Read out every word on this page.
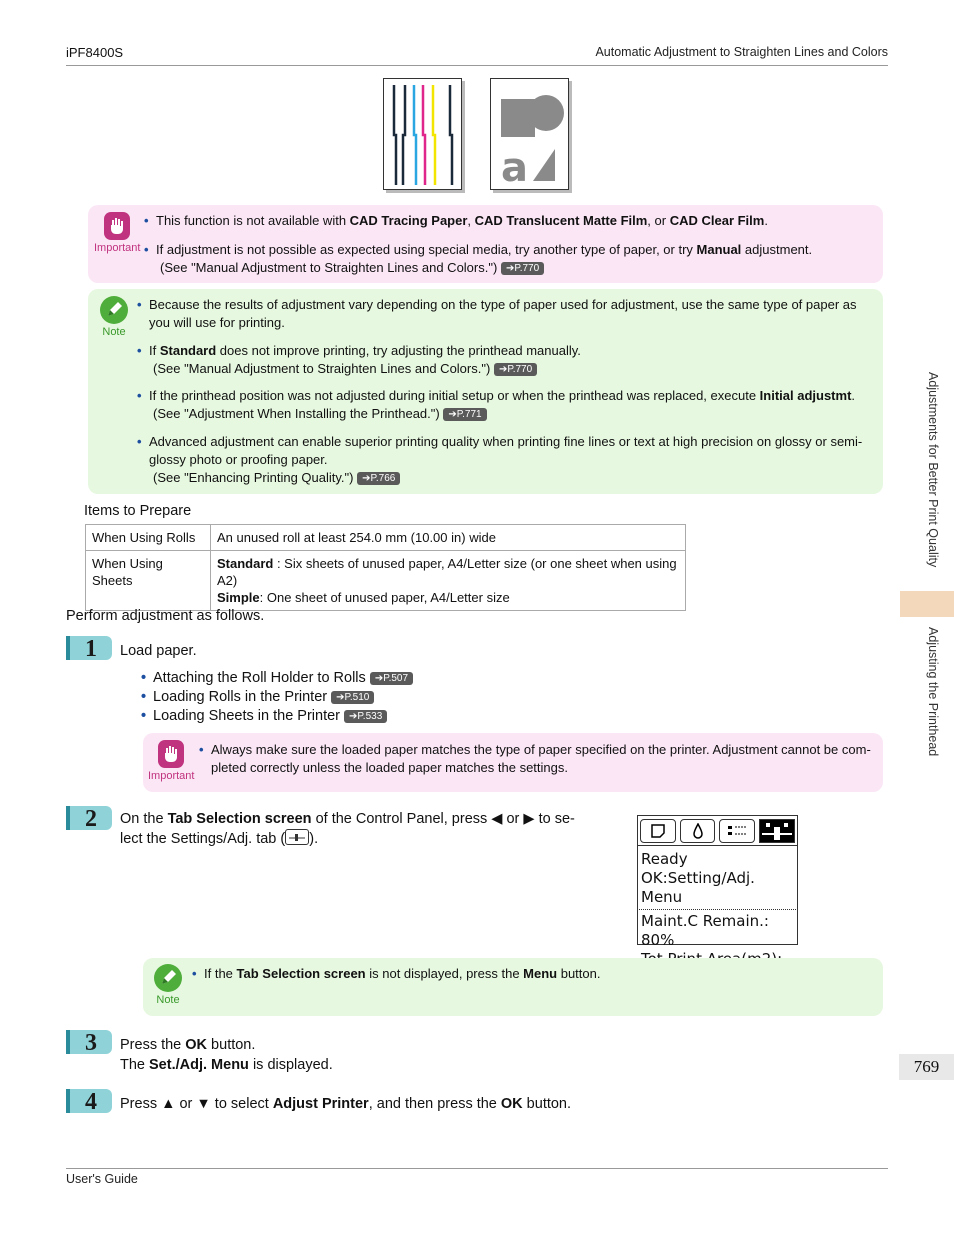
iPF8400S	Automatic Adjustment to Straighten Lines and Colors
a
Important
• This function is not available with CAD Tracing Paper, CAD Translucent Matte Film, or CAD Clear Film.
• If adjustment is not possible as expected using special media, try another type of paper, or try Manual adjustment.
(See "Manual Adjustment to Straighten Lines and Colors.") ➔P.770
Note
• Because the results of adjustment vary depending on the type of paper used for adjustment, use the same type of paper as you will use for printing.
• If Standard does not improve printing, try adjusting the printhead manually.
(See "Manual Adjustment to Straighten Lines and Colors.") ➔P.770
• If the printhead position was not adjusted during initial setup or when the printhead was replaced, execute Initial adjustmt.
(See "Adjustment When Installing the Printhead.") ➔P.771
• Advanced adjustment can enable superior printing quality when printing fine lines or text at high precision on glossy or semi-
glossy photo or proofing paper.
(See "Enhancing Printing Quality.") ➔P.766
Items to Prepare
When Using Rolls	An unused roll at least 254.0 mm (10.00 in) wide
When Using Sheets	Standard : Six sheets of unused paper, A4/Letter size (or one sheet when using A2)
Simple: One sheet of unused paper, A4/Letter size
Perform adjustment as follows.
1	Load paper.
• Attaching the Roll Holder to Rolls ➔P.507
• Loading Rolls in the Printer ➔P.510
• Loading Sheets in the Printer ➔P.533
Important
• Always make sure the loaded paper matches the type of paper specified on the printer. Adjustment cannot be com-
pleted correctly unless the loaded paper matches the settings.
2	On the Tab Selection screen of the Control Panel, press ◀ or ▶ to se-
lect the Settings/Adj. tab ( ).
Ready
OK:Setting/Adj. Menu
Maint.C Remain.: 80%
Note
• If the Tab Selection screen is not displayed, press the Menu button.
3	Press the OK button.
The Set./Adj. Menu is displayed.
4	Press ▲ or ▼ to select Adjust Printer, and then press the OK button.
Adjustments for Better Print Quality
Adjusting the Printhead
769
User's Guide
